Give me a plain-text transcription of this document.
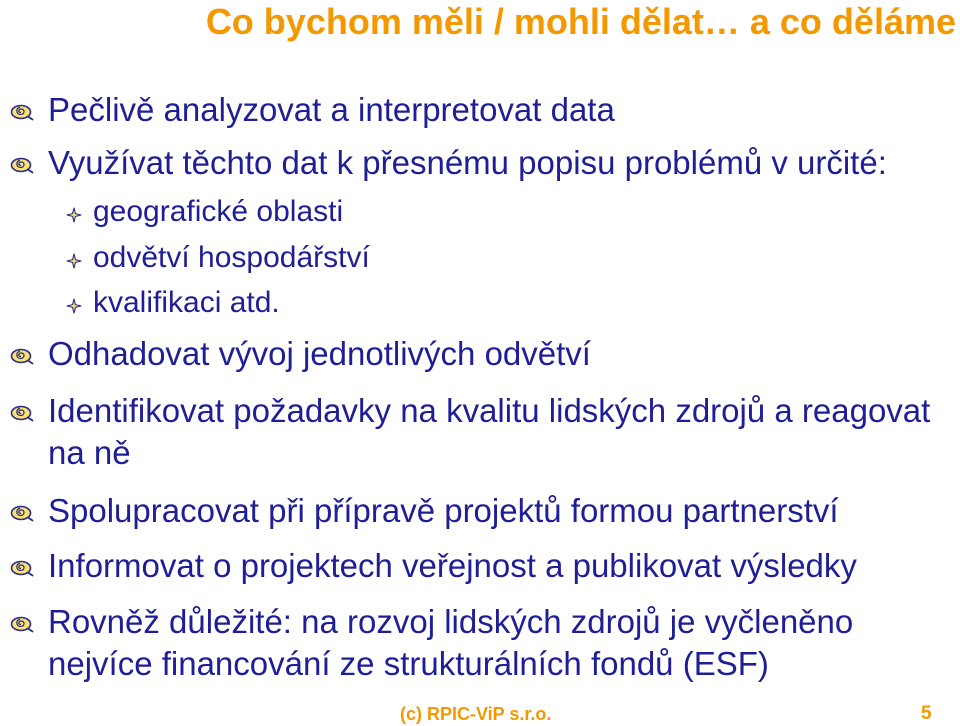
Co bychom měli / mohli dělat… a co děláme
Pečlivě analyzovat a interpretovat data
Využívat těchto dat k přesnému popisu problémů v určité:
geografické oblasti
odvětví hospodářství
kvalifikaci atd.
Odhadovat vývoj jednotlivých odvětví
Identifikovat požadavky na kvalitu lidských zdrojů a reagovat
na ně
Spolupracovat při přípravě projektů formou partnerství
Informovat o projektech veřejnost a publikovat výsledky
Rovněž důležité: na rozvoj lidských zdrojů je vyčleněno
nejvíce financování ze strukturálních fondů (ESF)
(c) RPIC-ViP s.r.o.	5
